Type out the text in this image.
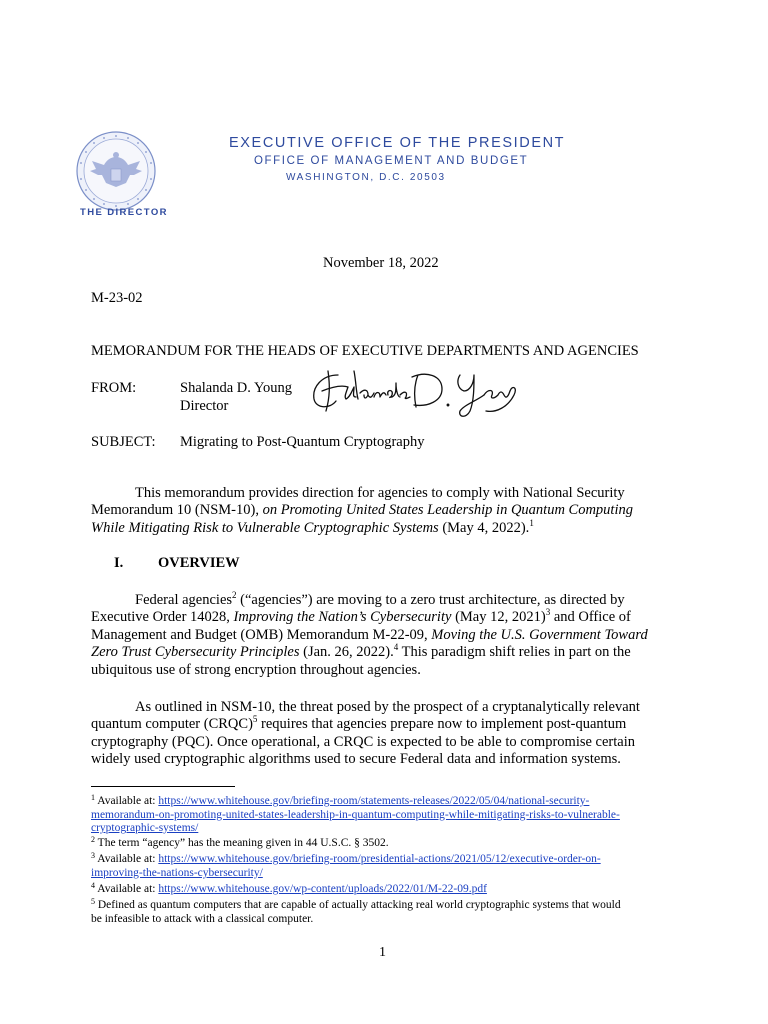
EXECUTIVE OFFICE OF THE PRESIDENT
OFFICE OF MANAGEMENT AND BUDGET
WASHINGTON, D.C. 20503
THE DIRECTOR
November 18, 2022
M-23-02
MEMORANDUM FOR THE HEADS OF EXECUTIVE DEPARTMENTS AND AGENCIES
FROM:	Shalanda D. Young
Director
SUBJECT: Migrating to Post-Quantum Cryptography
This memorandum provides direction for agencies to comply with National Security
Memorandum 10 (NSM-10), on Promoting United States Leadership in Quantum Computing
While Mitigating Risk to Vulnerable Cryptographic Systems (May 4, 2022).$^1$
I. OVERVIEW
Federal agencies$^2$ (“agencies”) are moving to a zero trust architecture, as directed by
Executive Order 14028, Improving the Nation’s Cybersecurity (May 12, 2021)$^3$ and Office of
Management and Budget (OMB) Memorandum M-22-09, Moving the U.S. Government Toward
Zero Trust Cybersecurity Principles (Jan. 26, 2022).$^4$ This paradigm shift relies in part on the
ubiquitous use of strong encryption throughout agencies.
As outlined in NSM-10, the threat posed by the prospect of a cryptanalytically relevant
quantum computer (CRQC)$^5$ requires that agencies prepare now to implement post-quantum
cryptography (PQC). Once operational, a CRQC is expected to be able to compromise certain
widely used cryptographic algorithms used to secure Federal data and information systems.
$^1$ Available at: https://www.whitehouse.gov/briefing-room/statements-releases/2022/05/04/national-security-
memorandum-on-promoting-united-states-leadership-in-quantum-computing-while-mitigating-risks-to-vulnerable-
cryptographic-systems/
$^2$ The term “agency” has the meaning given in 44 U.S.C. § 3502.
$^3$ Available at: https://www.whitehouse.gov/briefing-room/presidential-actions/2021/05/12/executive-order-on-
improving-the-nations-cybersecurity/
$^4$ Available at: https://www.whitehouse.gov/wp-content/uploads/2022/01/M-22-09.pdf
$^5$ Defined as quantum computers that are capable of actually attacking real world cryptographic systems that would
be infeasible to attack with a classical computer.
1
